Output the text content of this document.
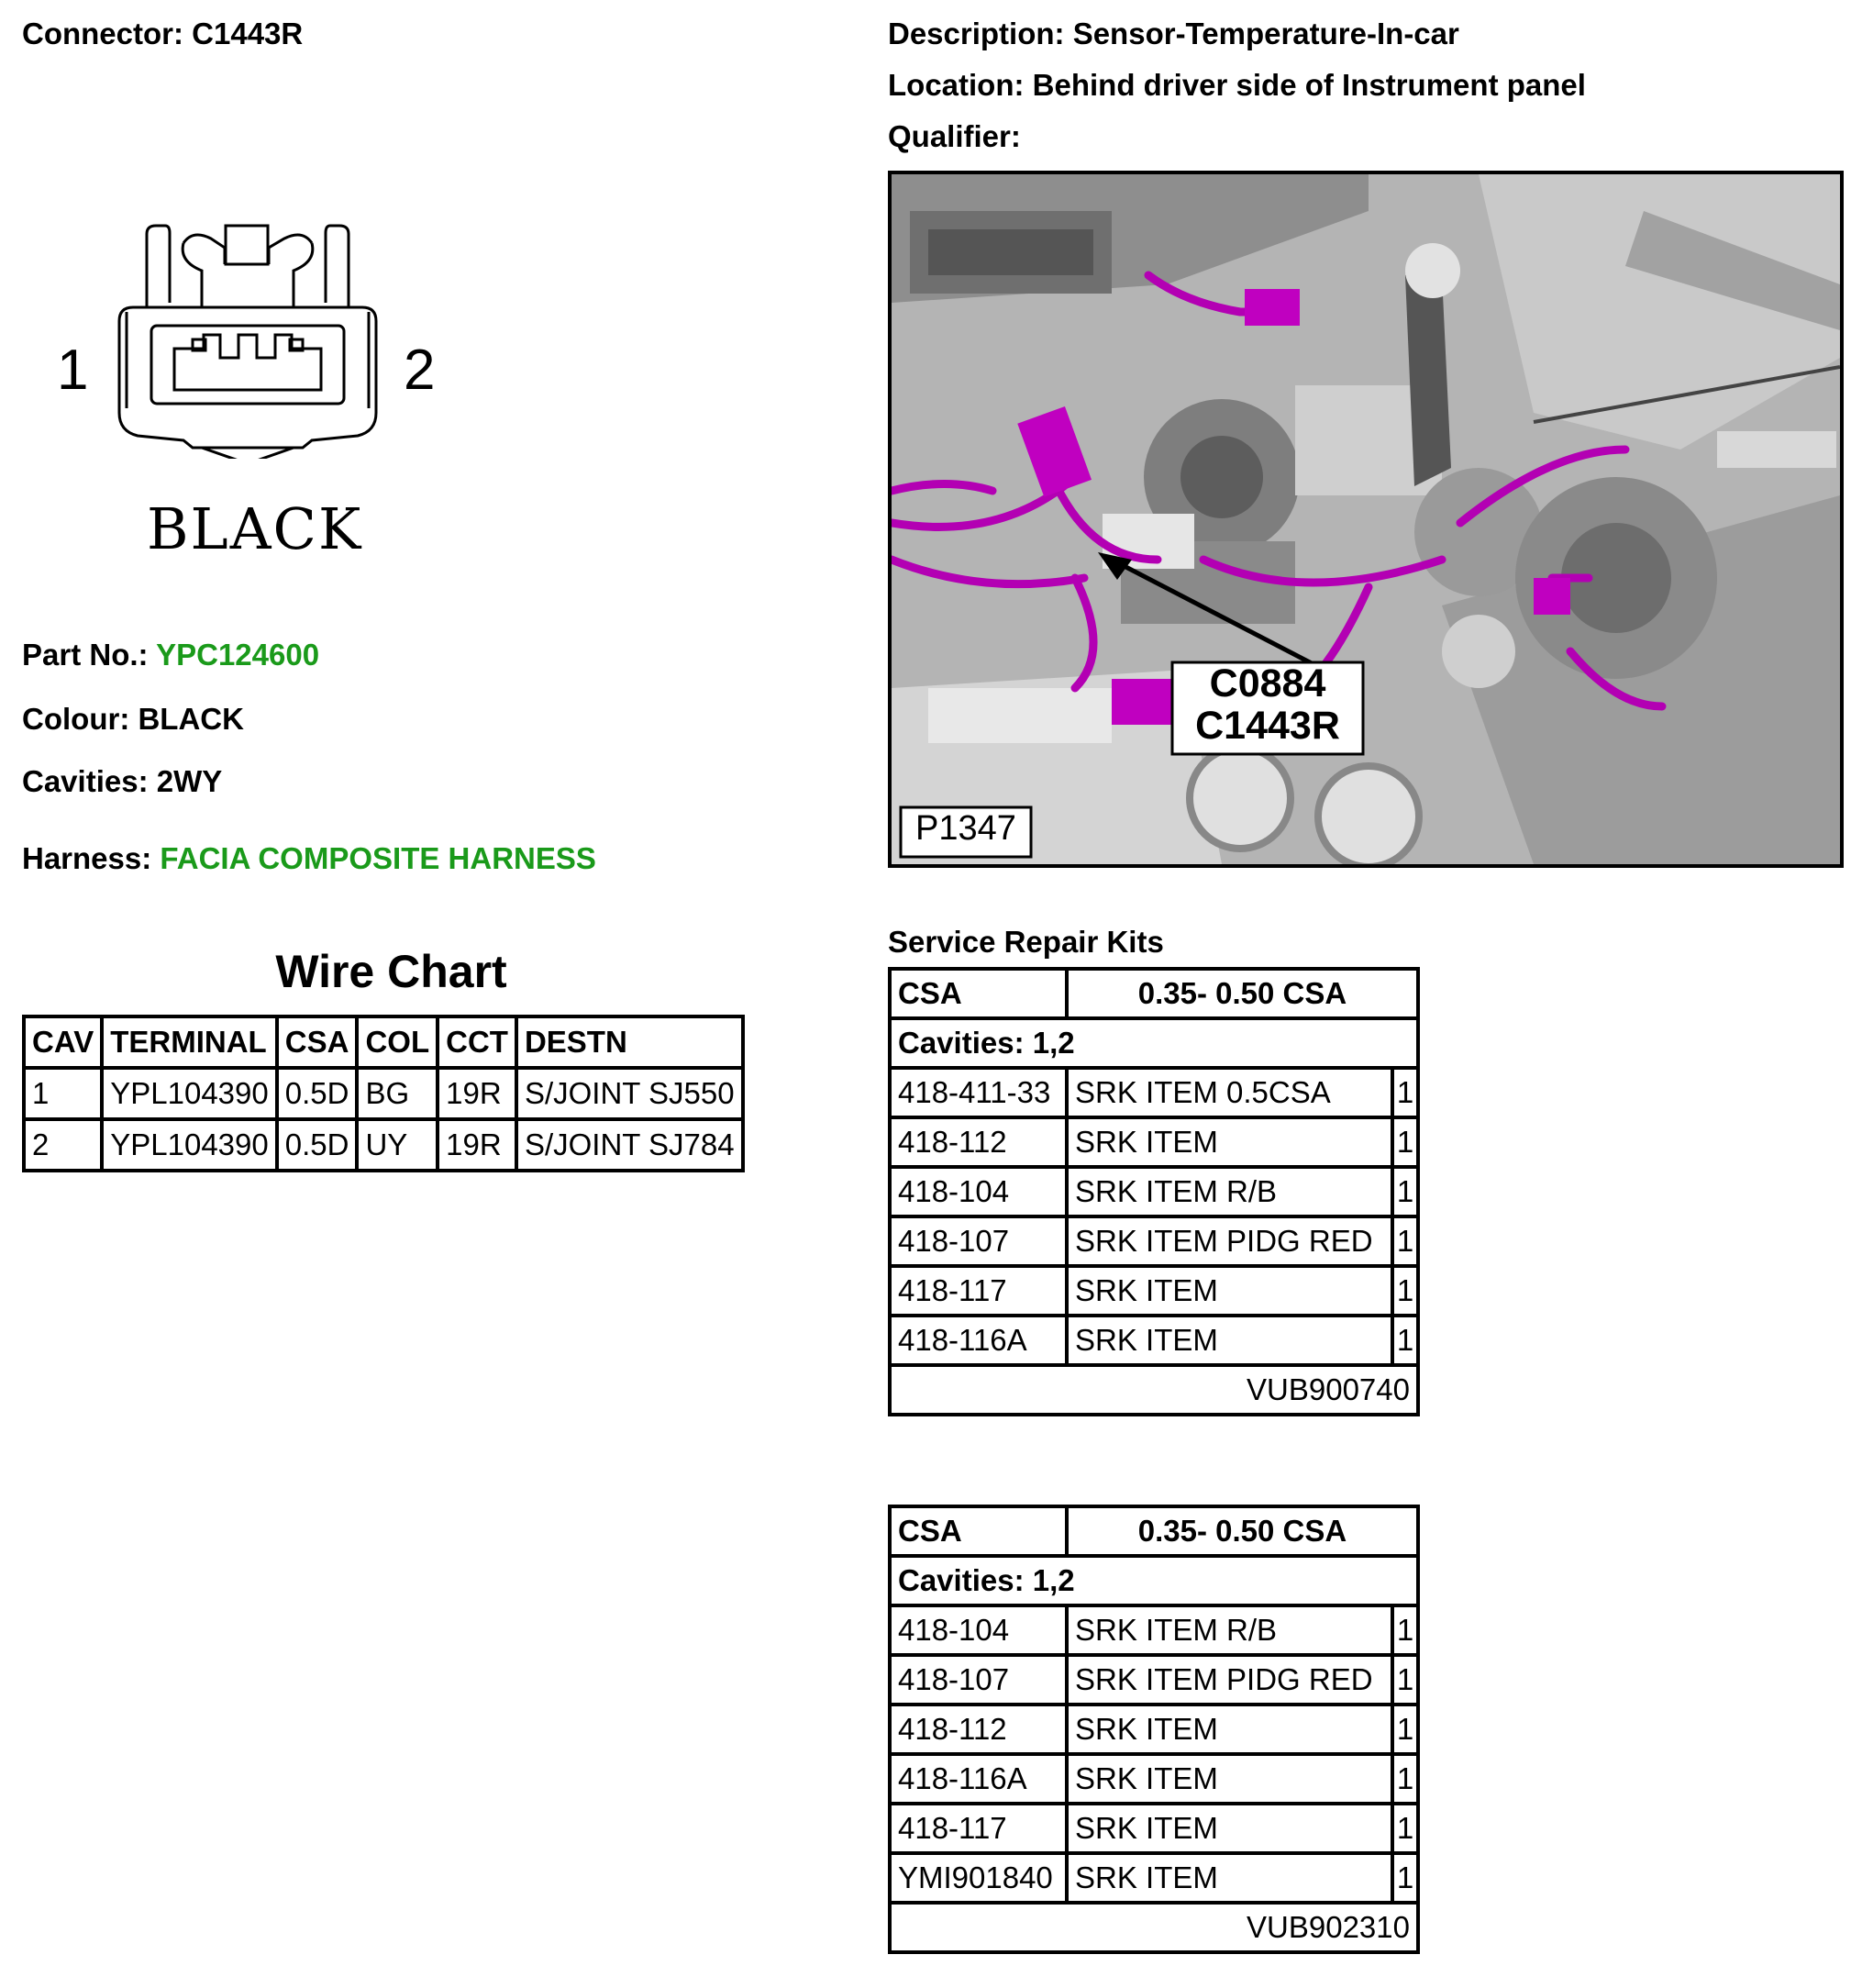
Connector: C1443R	Description: Sensor-Temperature-In-car
Location: Behind driver side of Instrument panel
Qualifier:
1	2
BLACK
Part No.: YPC124600
Colour: BLACK
Cavities: 2WY
Harness: FACIA COMPOSITE HARNESS
C0884
C1443R
P1347
Wire Chart
CAV	TERMINAL	CSA	COL	CCT	DESTN
1	YPL104390	0.5D	BG	19R	S/JOINT SJ550
2	YPL104390	0.5D	UY	19R	S/JOINT SJ784
Service Repair Kits
CSA	0.35- 0.50 CSA	
Cavities: 1,2		
418-411-33	SRK ITEM 0.5CSA	1
418-112	SRK ITEM	1
418-104	SRK ITEM R/B	1
418-107	SRK ITEM PIDG RED	1
418-117	SRK ITEM	1
418-116A	SRK ITEM	1
VUB900740		
CSA	0.35- 0.50 CSA	
Cavities: 1,2		
418-104	SRK ITEM R/B	1
418-107	SRK ITEM PIDG RED	1
418-112	SRK ITEM	1
418-116A	SRK ITEM	1
418-117	SRK ITEM	1
YMI901840	SRK ITEM	1
VUB902310		
